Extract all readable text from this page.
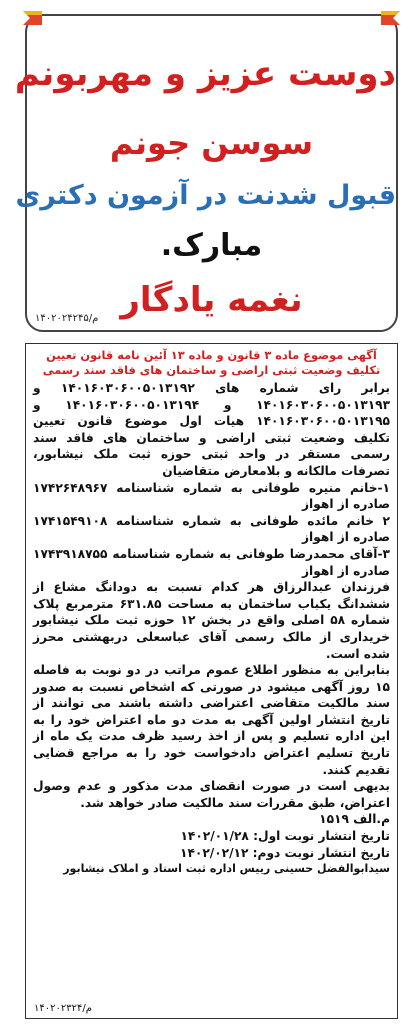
دوست عزیز و مهربونم
سوسن جونم
قبول شدنت در آزمون دکتری
مبارک.
نغمه یادگار
م/۱۴۰۲۰۲۴۲۴۵

آگهی موضوع ماده ۳ قانون و ماده ۱۳ آئین نامه قانون تعیین تکلیف وضعیت ثبتی اراضی و ساختمان های فاقد سند رسمی

برابر رای شماره های ۱۴۰۱۶۰۳۰۶۰۰۵۰۱۳۱۹۲ و ۱۴۰۱۶۰۳۰۶۰۰۵۰۱۳۱۹۳ و ۱۴۰۱۶۰۳۰۶۰۰۵۰۱۳۱۹۴ و ۱۴۰۱۶۰۳۰۶۰۰۵۰۱۳۱۹۵ هیات اول موضوع قانون تعیین تکلیف وضعیت ثبتی اراضی و ساختمان های فاقد سند رسمی مستقر در واحد ثبتی حوزه ثبت ملک نیشابور، تصرفات مالکانه و بلامعارض متقاضیان

۱-خانم منیره طوفانی به شماره شناسنامه ۱۷۴۲۶۴۸۹۶۷ صادره از اهواز

۲ خانم مائده طوفانی به شماره شناسنامه ۱۷۴۱۵۴۹۱۰۸ صادره از اهواز

۳-آقای محمدرضا طوفانی به شماره شناسنامه ۱۷۴۳۹۱۸۷۵۵ صادره از اهواز

فرزندان عبدالرزاق هر کدام نسبت به دودانگ مشاع از ششدانگ یکباب ساختمان به مساحت ۶۳۱.۸۵ مترمربع پلاک شماره ۵۸ اصلی واقع در بخش ۱۲ حوزه ثبت ملک نیشابور خریداری از مالک رسمی آقای عباسعلی دربهشتی محرز شده است.

بنابراین به منظور اطلاع عموم مراتب در دو نوبت به فاصله ۱۵ روز آگهی میشود در صورتی که اشخاص نسبت به صدور سند مالکیت متقاضی اعتراضی داشته باشند می توانند از تاریخ انتشار اولین آگهی به مدت دو ماه اعتراض خود را به این اداره تسلیم و پس از اخذ رسید ظرف مدت یک ماه از تاریخ تسلیم اعتراض دادخواست خود را به مراجع قضایی تقدیم کنند.

بدیهی است در صورت انقضای مدت مذکور و عدم وصول اعتراض، طبق مقررات سند مالکیت صادر خواهد شد.

م.الف ۱۵۱۹

تاریخ انتشار نوبت اول: ۱۴۰۲/۰۱/۲۸

تاریخ انتشار نوبت دوم: ۱۴۰۲/۰۲/۱۲

سیدابوالفضل حسینی رییس اداره ثبت اسناد و املاک نیشابور

م/۱۴۰۲۰۲۳۲۴
